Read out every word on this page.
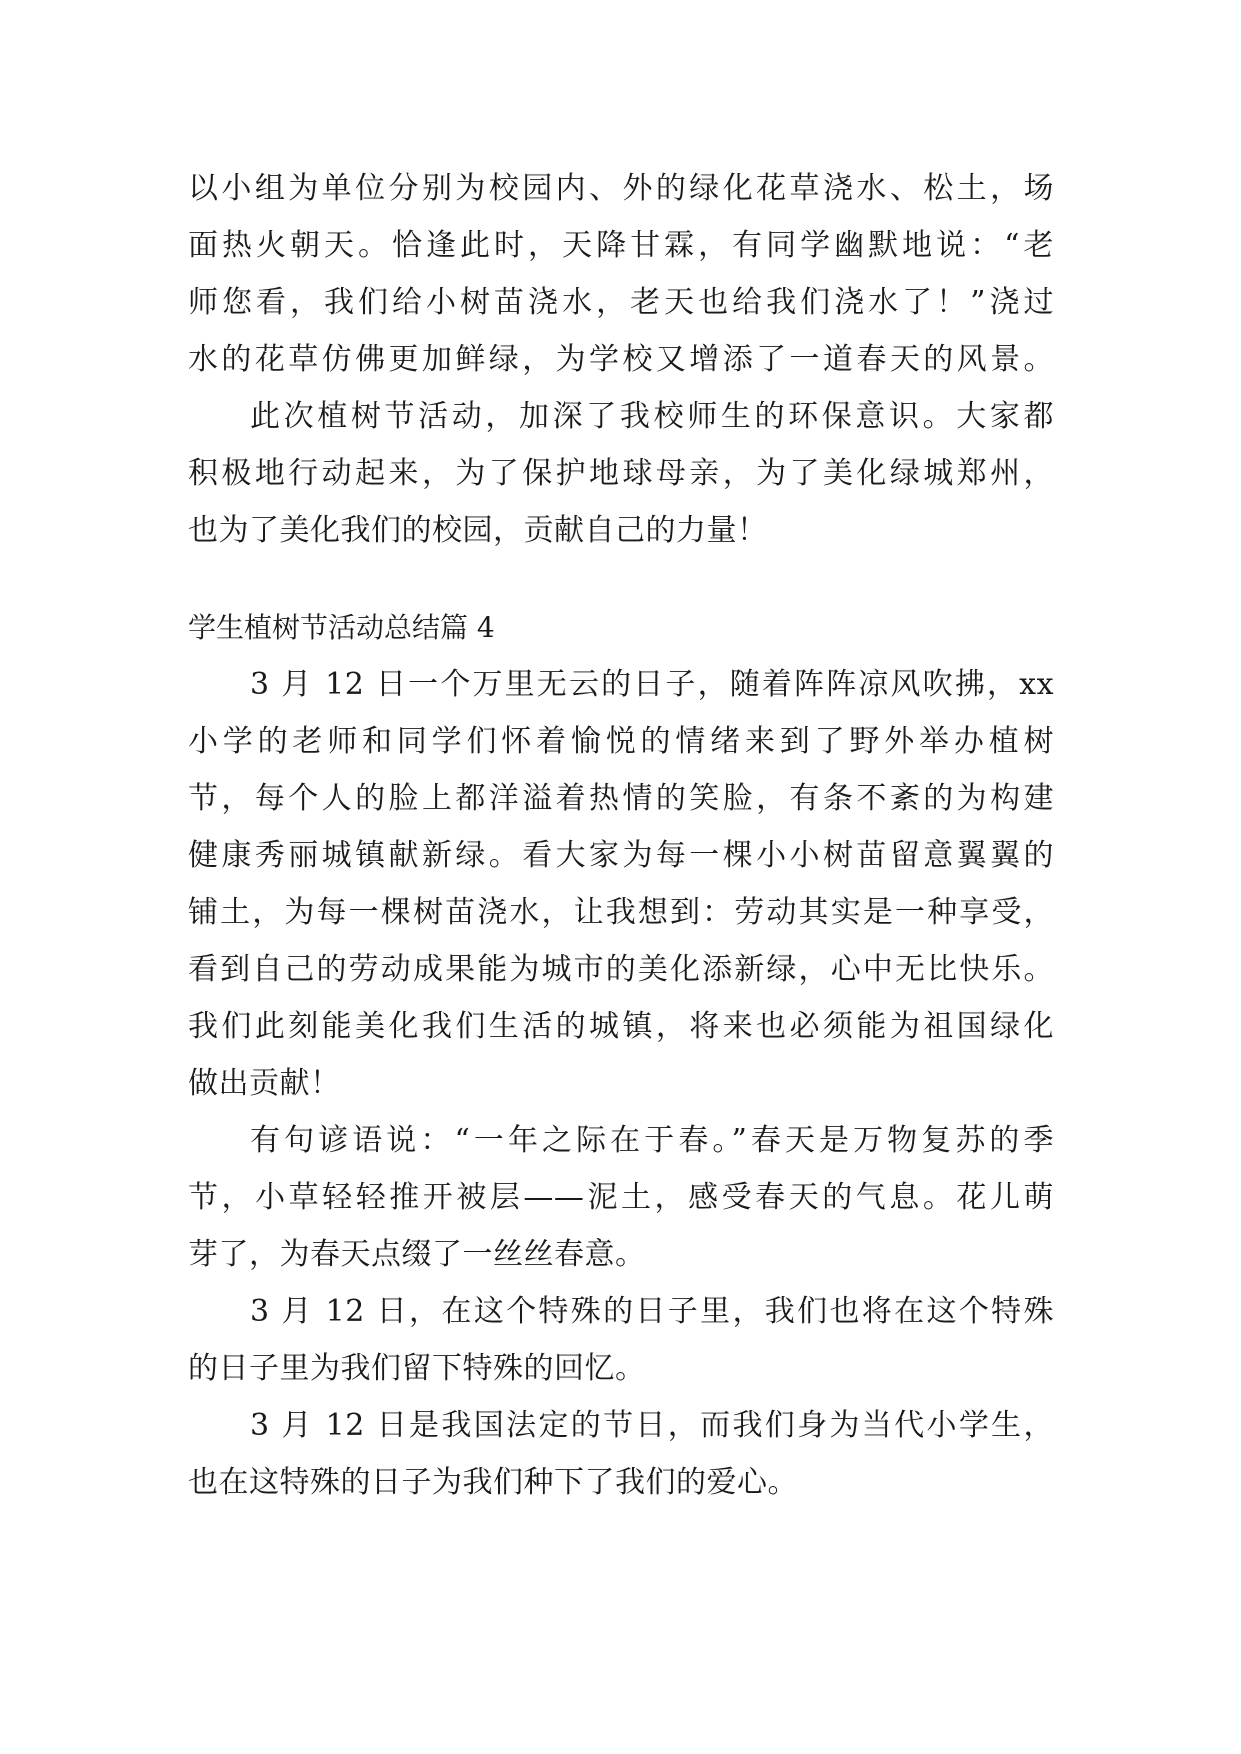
以小组为单位分别为校园内、外的绿化花草浇水、松土，场
面热火朝天。恰逢此时，天降甘霖，有同学幽默地说：“老
师您看，我们给小树苗浇水，老天也给我们浇水了！”浇过
水的花草仿佛更加鲜绿，为学校又增添了一道春天的风景。
此次植树节活动，加深了我校师生的环保意识。大家都
积极地行动起来，为了保护地球母亲，为了美化绿城郑州，
也为了美化我们的校园，贡献自己的力量！
学生植树节活动总结篇 4
3 月 12 日一个万里无云的日子，随着阵阵凉风吹拂，xx
小学的老师和同学们怀着愉悦的情绪来到了野外举办植树
节，每个人的脸上都洋溢着热情的笑脸，有条不紊的为构建
健康秀丽城镇献新绿。看大家为每一棵小小树苗留意翼翼的
铺土，为每一棵树苗浇水，让我想到：劳动其实是一种享受，
看到自己的劳动成果能为城市的美化添新绿，心中无比快乐。
我们此刻能美化我们生活的城镇，将来也必须能为祖国绿化
做出贡献！
有句谚语说：“一年之际在于春。”春天是万物复苏的季
节，小草轻轻推开被层——泥土，感受春天的气息。花儿萌
芽了，为春天点缀了一丝丝春意。
3 月 12 日，在这个特殊的日子里，我们也将在这个特殊
的日子里为我们留下特殊的回忆。
3 月 12 日是我国法定的节日，而我们身为当代小学生，
也在这特殊的日子为我们种下了我们的爱心。
